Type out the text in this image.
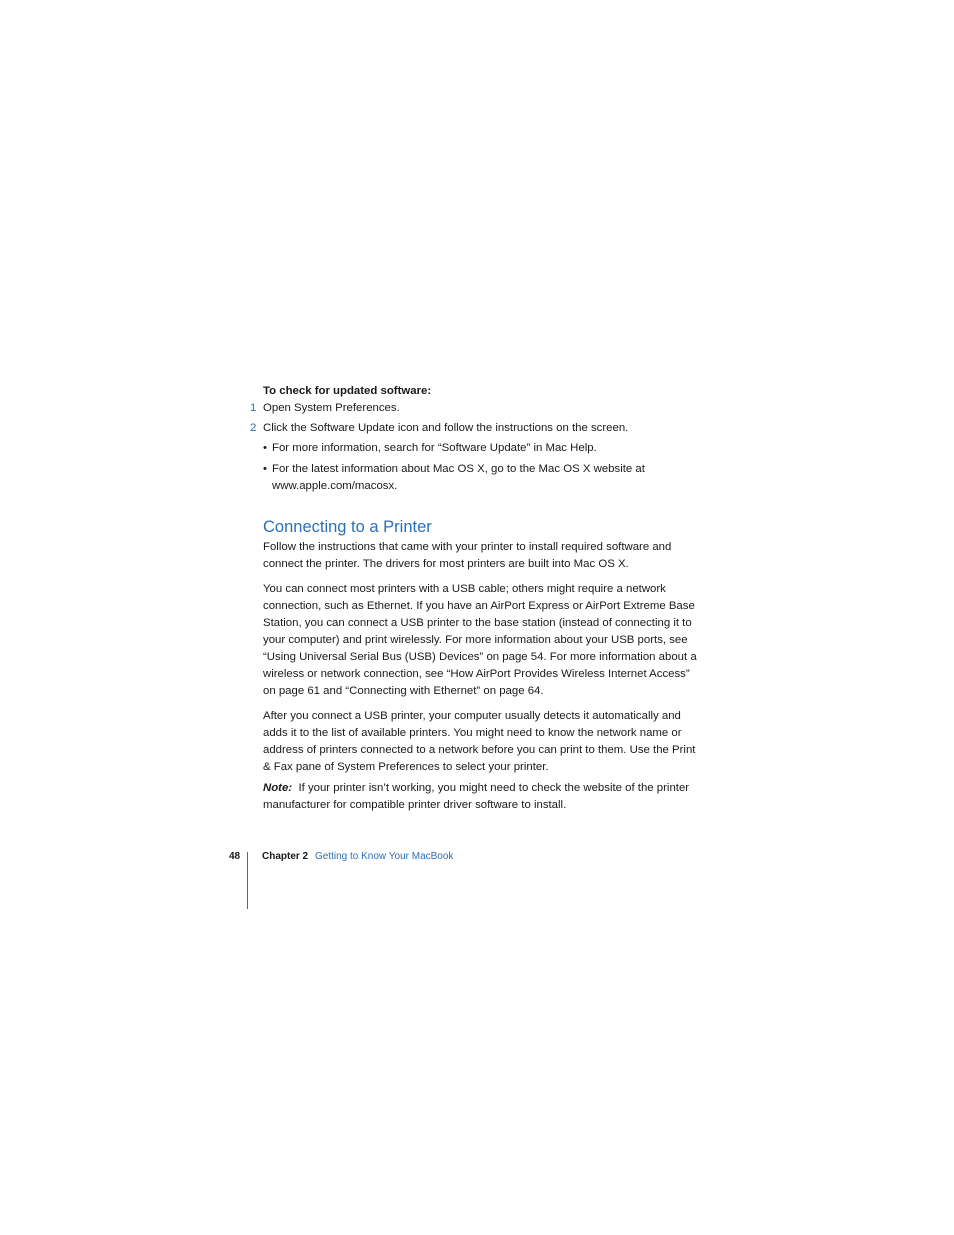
To check for updated software:
1 Open System Preferences.
2 Click the Software Update icon and follow the instructions on the screen.
• For more information, search for “Software Update” in Mac Help.
• For the latest information about Mac OS X, go to the Mac OS X website at www.apple.com/macosx.
Connecting to a Printer

Follow the instructions that came with your printer to install required software and connect the printer. The drivers for most printers are built into Mac OS X.

You can connect most printers with a USB cable; others might require a network connection, such as Ethernet. If you have an AirPort Express or AirPort Extreme Base Station, you can connect a USB printer to the base station (instead of connecting it to your computer) and print wirelessly. For more information about your USB ports, see “Using Universal Serial Bus (USB) Devices” on page 54. For more information about a wireless or network connection, see “How AirPort Provides Wireless Internet Access” on page 61 and “Connecting with Ethernet” on page 64.

After you connect a USB printer, your computer usually detects it automatically and adds it to the list of available printers. You might need to know the network name or address of printers connected to a network before you can print to them. Use the Print & Fax pane of System Preferences to select your printer.

Note: If your printer isn’t working, you might need to check the website of the printer manufacturer for compatible printer driver software to install.

48 Chapter 2 Getting to Know Your MacBook
